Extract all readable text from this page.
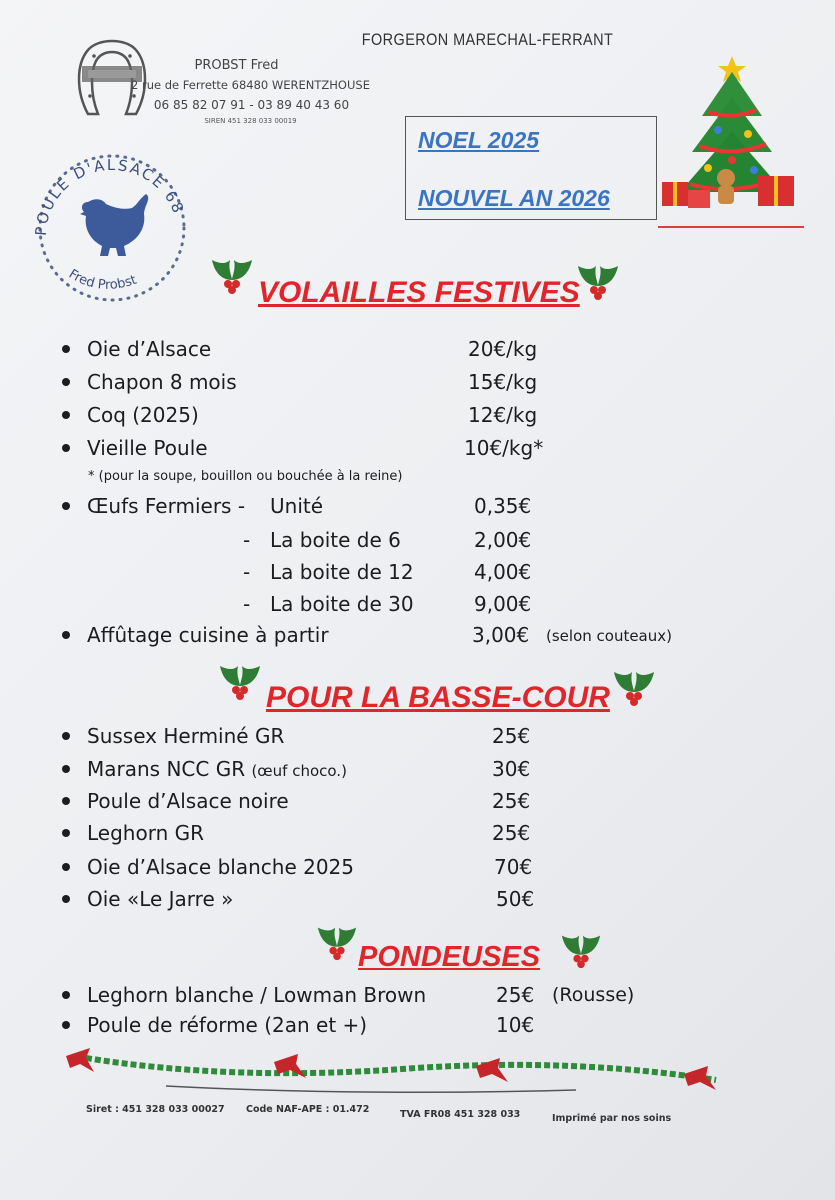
FORGERON MARECHAL-FERRANT
PROBST Fred
2 rue de Ferrette 68480 WERENTZHOUSE
06 85 82 07 91 - 03 89 40 43 60
SIREN 451 328 033 00019
POULE D'ALSACE 68
Fred Probst
NOEL 2025
NOUVEL AN 2026
VOLAILLES FESTIVES
Oie d’Alsace	20€/kg
Chapon 8 mois	15€/kg
Coq (2025)	12€/kg
Vieille Poule	10€/kg*
* (pour la soupe, bouillon ou bouchée à la reine)
Œufs Fermiers - Unité	0,35€
- La boite de 6	2,00€
- La boite de 12	4,00€
- La boite de 30	9,00€
Affûtage cuisine à partir	3,00€ (selon couteaux)
POUR LA BASSE-COUR
Sussex Herminé GR	25€
Marans NCC GR (œuf choco.)	30€
Poule d’Alsace noire	25€
Leghorn GR	25€
Oie d’Alsace blanche 2025	70€
Oie «Le Jarre »	50€
PONDEUSES
Leghorn blanche / Lowman Brown	25€ (Rousse)
Poule de réforme (2an et +)	10€
Siret : 451 328 033 00027 Code NAF-APE : 01.472	TVA FR08 451 328 033	Imprimé par nos soins
